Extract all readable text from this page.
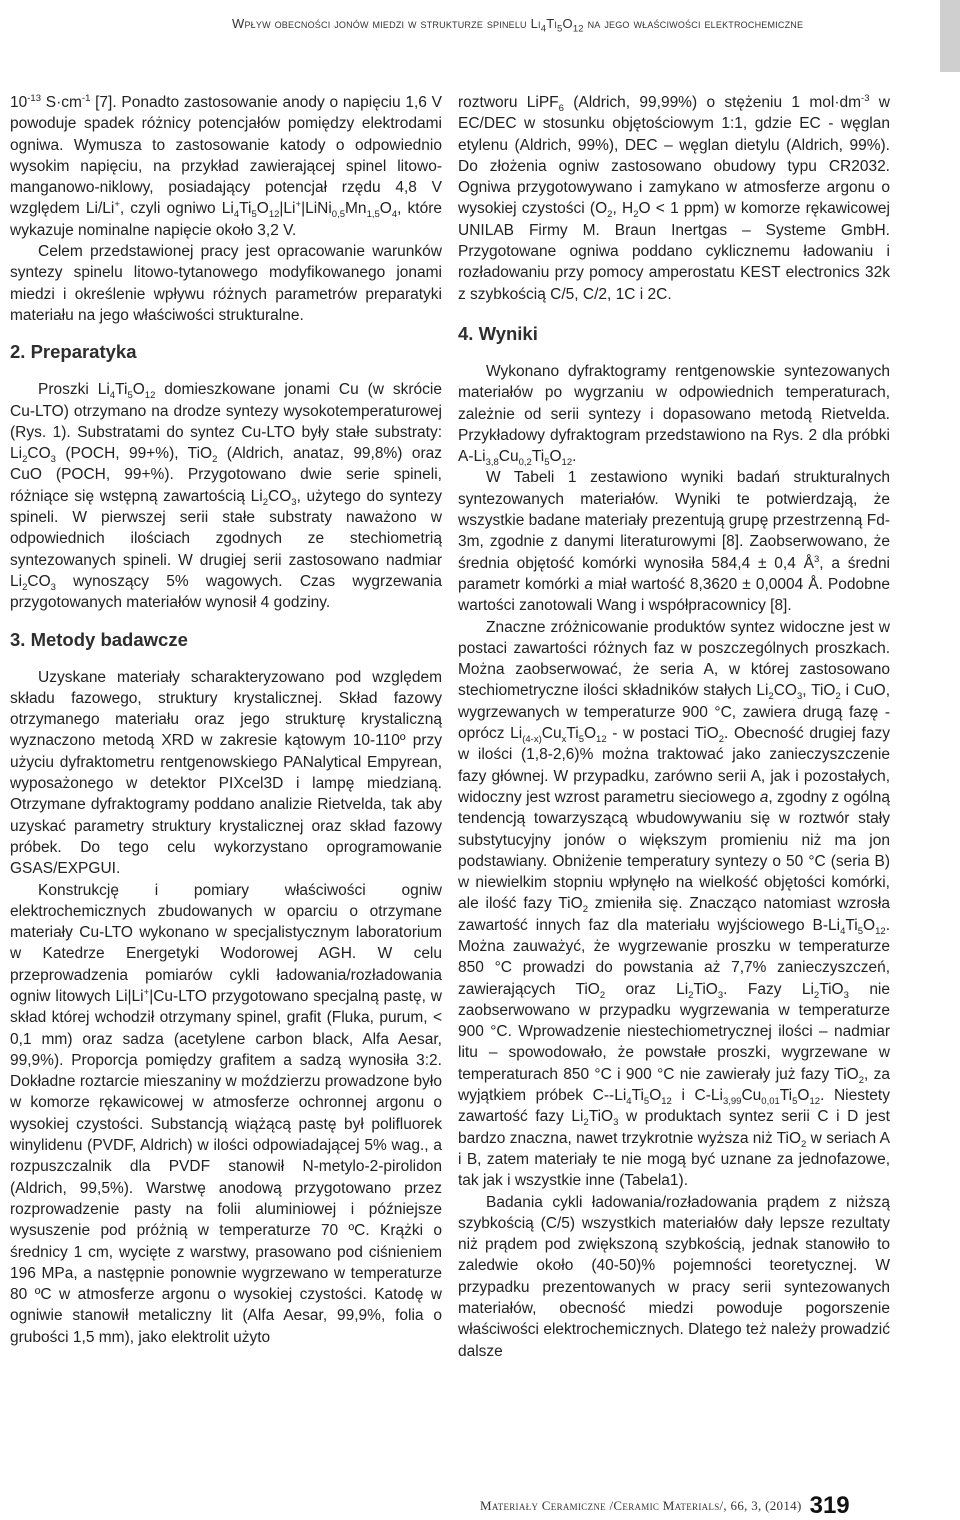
Wpływ obecności jonów miedzi w strukturze spinelu $Li_4Ti_5O_{12}$ na jego właściwości elektrochemiczne

$10^{-13}$ $S\cdot cm^{-1}$ [7]. Ponadto zastosowanie anody o napięciu 1,6 V powoduje spadek różnicy potencjałów pomiędzy elektrodami ogniwa. Wymusza to zastosowanie katody o odpowiednio wysokim napięciu, na przykład zawierającej spinel litowo-manganowo-niklowy, posiadający potencjał rzędu 4,8 V względem Li/Li+, czyli ogniwo $Li_4Ti_5O_{12}|Li^+|LiNi_{0,5}Mn_{1,5}O_4$, które wykazuje nominalne napięcie około 3,2 V.

Celem przedstawionej pracy jest opracowanie warunków syntezy spinelu litowo-tytanowego modyfikowanego jonami miedzi i określenie wpływu różnych parametrów preparatyki materiału na jego właściwości strukturalne.

2. Preparatyka

Proszki $Li_4Ti_5O_{12}$ domieszkowane jonami Cu (w skrócie Cu-LTO) otrzymano na drodze syntezy wysokotemperaturowej (Rys. 1). Substratami do syntez Cu-LTO były stałe substraty: $Li_2CO_3$ (POCH, 99+%), TiO$_2$ (Aldrich, anataz, 99,8%) oraz CuO (POCH, 99+%). Przygotowano dwie serie spineli, różniące się wstępną zawartością $Li_2CO_3$, użytego do syntezy spineli. W pierwszej serii stałe substraty naważono w odpowiednich ilościach zgodnych ze stechiometrią syntezowanych spineli. W drugiej serii zastosowano nadmiar $Li_2CO_3$ wynoszący 5% wagowych. Czas wygrzewania przygotowanych materiałów wynosił 4 godziny.

3. Metody badawcze

Uzyskane materiały scharakteryzowano pod względem składu fazowego, struktury krystalicznej. Skład fazowy otrzymanego materiału oraz jego strukturę krystaliczną wyznaczono metodą XRD w zakresie kątowym 10-110º przy użyciu dyfraktometru rentgenowskiego PANalytical Empyrean, wyposażonego w detektor PIXcel3D i lampę miedzianą. Otrzymane dyfraktogramy poddano analizie Rietvelda, tak aby uzyskać parametry struktury krystalicznej oraz skład fazowy próbek. Do tego celu wykorzystano oprogramowanie GSAS/EXPGUI.

Konstrukcję i pomiary właściwości ogniw elektrochemicznych zbudowanych w oparciu o otrzymane materiały Cu-LTO wykonano w specjalistycznym laboratorium w Katedrze Energetyki Wodorowej AGH. W celu przeprowadzenia pomiarów cykli ładowania/rozładowania ogniw litowych Li|Li+|Cu-LTO przygotowano specjalną pastę, w skład której wchodził otrzymany spinel, grafit (Fluka, purum, < 0,1 mm) oraz sadza (acetylene carbon black, Alfa Aesar, 99,9%). Proporcja pomiędzy grafitem a sadzą wynosiła 3:2. Dokładne roztarcie mieszaniny w moździerzu prowadzone było w komorze rękawicowej w atmosferze ochronnej argonu o wysokiej czystości. Substancją wiążącą pastę był polifluorek winylidenu (PVDF, Aldrich) w ilości odpowiadającej 5% wag., a rozpuszczalnik dla PVDF stanowił N-metylo-2-pirolidon (Aldrich, 99,5%). Warstwę anodową przygotowano przez rozprowadzenie pasty na folii aluminiowej i późniejsze wysuszenie pod próżnią w temperaturze 70 ºC. Krążki o średnicy 1 cm, wycięte z warstwy, prasowano pod ciśnieniem 196 MPa, a następnie ponownie wygrzewano w temperaturze 80 ºC w atmosferze argonu o wysokiej czystości. Katodę w ogniwie stanowił metaliczny lit (Alfa Aesar, 99,9%, folia o grubości 1,5 mm), jako elektrolit użyto

roztworu LiPF$_6$ (Aldrich, 99,99%) o stężeniu 1 $mol\cdot dm^{-3}$ w EC/DEC w stosunku objętościowym 1:1, gdzie EC - węglan etylenu (Aldrich, 99%), DEC – węglan dietylu (Aldrich, 99%). Do złożenia ogniw zastosowano obudowy typu CR2032. Ogniwa przygotowywano i zamykano w atmosferze argonu o wysokiej czystości ($O_2$, $H_2O < 1$ ppm) w komorze rękawicowej UNILAB Firmy M. Braun Inertgas – Systeme GmbH. Przygotowane ogniwa poddano cyklicznemu ładowaniu i rozładowaniu przy pomocy amperostatu KEST electronics 32k z szybkością C/5, C/2, 1C i 2C.

4. Wyniki

Wykonano dyfraktogramy rentgenowskie syntezowanych materiałów po wygrzaniu w odpowiednich temperaturach, zależnie od serii syntezy i dopasowano metodą Rietvelda. Przykładowy dyfraktogram przedstawiono na Rys. 2 dla próbki $A-Li_{3,8}Cu_{0,2}Ti_5O_{12}$.

W Tabeli 1 zestawiono wyniki badań strukturalnych syntezowanych materiałów. Wyniki te potwierdzają, że wszystkie badane materiały prezentują grupę przestrzenną Fd-3m, zgodnie z danymi literaturowymi [8]. Zaobserwowano, że średnia objętość komórki wynosiła 584,4 ± 0,4 $Å^3$, a średni parametr komórki a miał wartość 8,3620 ± 0,0004 Å. Podobne wartości zanotowali Wang i współpracownicy [8].

Znaczne zróżnicowanie produktów syntez widoczne jest w postaci zawartości różnych faz w poszczególnych proszkach. Można zaobserwować, że seria A, w której zastosowano stechiometryczne ilości składników stałych $Li_2CO_3$, TiO$_2$ i CuO, wygrzewanych w temperaturze 900 °C, zawiera drugą fazę - oprócz $Li_{(4-x)}Cu_xTi_5O_{12}$ - w postaci TiO$_2$. Obecność drugiej fazy w ilości (1,8-2,6)% można traktować jako zanieczyszczenie fazy głównej. W przypadku, zarówno serii A, jak i pozostałych, widoczny jest wzrost parametru sieciowego a, zgodny z ogólną tendencją towarzyszącą wbudowywaniu się w roztwór stały substytucyjny jonów o większym promieniu niż ma jon podstawiany. Obniżenie temperatury syntezy o 50 °C (seria B) w niewielkim stopniu wpłynęło na wielkość objętości komórki, ale ilość fazy TiO$_2$ zmieniła się. Znacząco natomiast wzrosła zawartość innych faz dla materiału wyjściowego $B-Li_4Ti_5O_{12}$. Można zauważyć, że wygrzewanie proszku w temperaturze 850 °C prowadzi do powstania aż 7,7% zanieczyszczeń, zawierających TiO$_2$ oraz $Li_2TiO_3$. Fazy $Li_2TiO_3$ nie zaobserwowano w przypadku wygrzewania w temperaturze 900 °C. Wprowadzenie niestechiometrycznej ilości – nadmiar litu – spowodowało, że powstałe proszki, wygrzewane w temperaturach 850 °C i 900 °C nie zawierały już fazy TiO$_2$, za wyjątkiem próbek $C--Li_4Ti_5O_{12}$ i $C-Li_{3,99}Cu_{0,01}Ti_5O_{12}$. Niestety zawartość fazy $Li_2TiO_3$ w produktach syntez serii C i D jest bardzo znaczna, nawet trzykrotnie wyższa niż TiO$_2$ w seriach A i B, zatem materiały te nie mogą być uznane za jednofazowe, tak jak i wszystkie inne (Tabela1).

Badania cykli ładowania/rozładowania prądem z niższą szybkością (C/5) wszystkich materiałów dały lepsze rezultaty niż prądem pod zwiększoną szybkością, jednak stanowiło to zaledwie około (40-50)% pojemności teoretycznej. W przypadku prezentowanych w pracy serii syntezowanych materiałów, obecność miedzi powoduje pogorszenie właściwości elektrochemicznych. Dlatego też należy prowadzić dalsze

Materiały Ceramiczne /Ceramic Materials/, 66, 3, (2014) 319
